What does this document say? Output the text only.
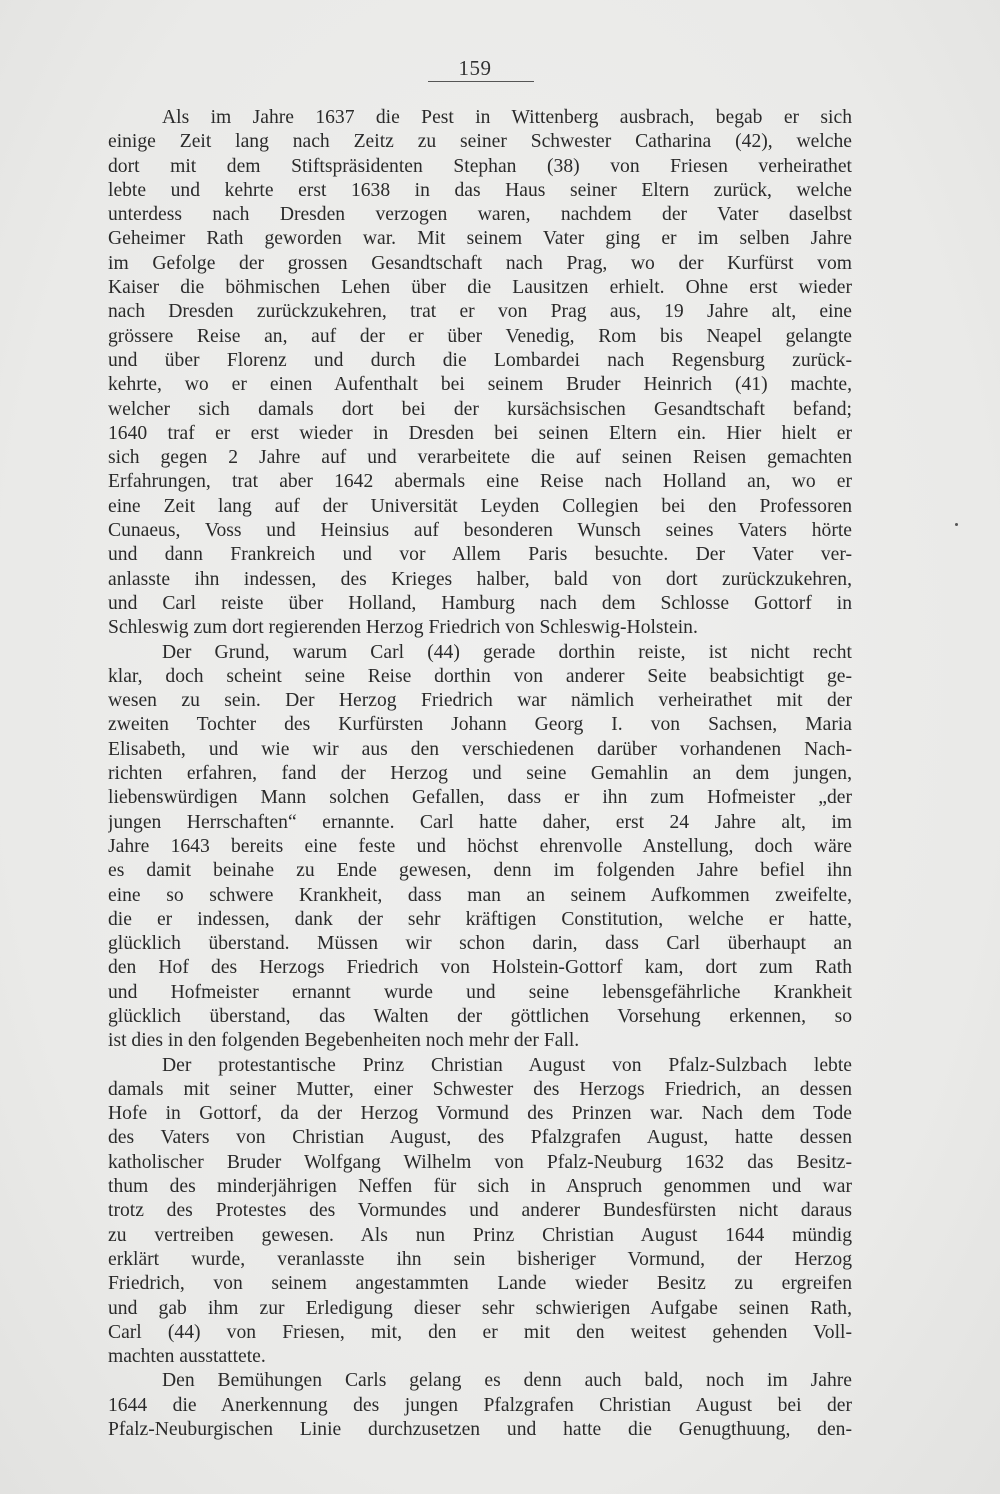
159
Als im Jahre 1637 die Pest in Wittenberg ausbrach, begab er sich
einige Zeit lang nach Zeitz zu seiner Schwester Catharina (42), welche
dort mit dem Stiftspräsidenten Stephan (38) von Friesen verheirathet
lebte und kehrte erst 1638 in das Haus seiner Eltern zurück, welche
unterdess nach Dresden verzogen waren, nachdem der Vater daselbst
Geheimer Rath geworden war. Mit seinem Vater ging er im selben Jahre
im Gefolge der grossen Gesandtschaft nach Prag, wo der Kurfürst vom
Kaiser die böhmischen Lehen über die Lausitzen erhielt. Ohne erst wieder
nach Dresden zurückzukehren, trat er von Prag aus, 19 Jahre alt, eine
grössere Reise an, auf der er über Venedig, Rom bis Neapel gelangte
und über Florenz und durch die Lombardei nach Regensburg zurück-
kehrte, wo er einen Aufenthalt bei seinem Bruder Heinrich (41) machte,
welcher sich damals dort bei der kursächsischen Gesandtschaft befand;
1640 traf er erst wieder in Dresden bei seinen Eltern ein. Hier hielt er
sich gegen 2 Jahre auf und verarbeitete die auf seinen Reisen gemachten
Erfahrungen, trat aber 1642 abermals eine Reise nach Holland an, wo er
eine Zeit lang auf der Universität Leyden Collegien bei den Professoren
Cunaeus, Voss und Heinsius auf besonderen Wunsch seines Vaters hörte
und dann Frankreich und vor Allem Paris besuchte. Der Vater ver-
anlasste ihn indessen, des Krieges halber, bald von dort zurückzukehren,
und Carl reiste über Holland, Hamburg nach dem Schlosse Gottorf in
Schleswig zum dort regierenden Herzog Friedrich von Schleswig-Holstein.
Der Grund, warum Carl (44) gerade dorthin reiste, ist nicht recht
klar, doch scheint seine Reise dorthin von anderer Seite beabsichtigt ge-
wesen zu sein. Der Herzog Friedrich war nämlich verheirathet mit der
zweiten Tochter des Kurfürsten Johann Georg I. von Sachsen, Maria
Elisabeth, und wie wir aus den verschiedenen darüber vorhandenen Nach-
richten erfahren, fand der Herzog und seine Gemahlin an dem jungen,
liebenswürdigen Mann solchen Gefallen, dass er ihn zum Hofmeister „der
jungen Herrschaften“ ernannte. Carl hatte daher, erst 24 Jahre alt, im
Jahre 1643 bereits eine feste und höchst ehrenvolle Anstellung, doch wäre
es damit beinahe zu Ende gewesen, denn im folgenden Jahre befiel ihn
eine so schwere Krankheit, dass man an seinem Aufkommen zweifelte,
die er indessen, dank der sehr kräftigen Constitution, welche er hatte,
glücklich überstand. Müssen wir schon darin, dass Carl überhaupt an
den Hof des Herzogs Friedrich von Holstein-Gottorf kam, dort zum Rath
und Hofmeister ernannt wurde und seine lebensgefährliche Krankheit
glücklich überstand, das Walten der göttlichen Vorsehung erkennen, so
ist dies in den folgenden Begebenheiten noch mehr der Fall.
Der protestantische Prinz Christian August von Pfalz-Sulzbach lebte
damals mit seiner Mutter, einer Schwester des Herzogs Friedrich, an dessen
Hofe in Gottorf, da der Herzog Vormund des Prinzen war. Nach dem Tode
des Vaters von Christian August, des Pfalzgrafen August, hatte dessen
katholischer Bruder Wolfgang Wilhelm von Pfalz-Neuburg 1632 das Besitz-
thum des minderjährigen Neffen für sich in Anspruch genommen und war
trotz des Protestes des Vormundes und anderer Bundesfürsten nicht daraus
zu vertreiben gewesen. Als nun Prinz Christian August 1644 mündig
erklärt wurde, veranlasste ihn sein bisheriger Vormund, der Herzog
Friedrich, von seinem angestammten Lande wieder Besitz zu ergreifen
und gab ihm zur Erledigung dieser sehr schwierigen Aufgabe seinen Rath,
Carl (44) von Friesen, mit, den er mit den weitest gehenden Voll-
machten ausstattete.
Den Bemühungen Carls gelang es denn auch bald, noch im Jahre
1644 die Anerkennung des jungen Pfalzgrafen Christian August bei der
Pfalz-Neuburgischen Linie durchzusetzen und hatte die Genugthuung, den-
